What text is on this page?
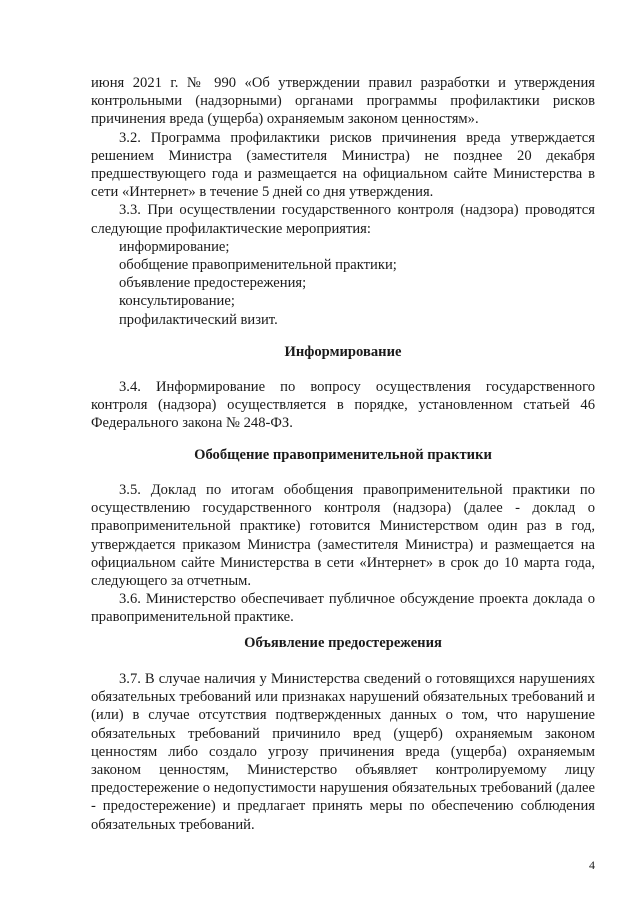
июня 2021 г. № 990 «Об утверждении правил разработки и утверждения контрольными (надзорными) органами программы профилактики рисков причинения вреда (ущерба) охраняемым законом ценностям».

3.2. Программа профилактики рисков причинения вреда утверждается решением Министра (заместителя Министра) не позднее 20 декабря предшествующего года и размещается на официальном сайте Министерства в сети «Интернет» в течение 5 дней со дня утверждения.

3.3. При осуществлении государственного контроля (надзора) проводятся следующие профилактические мероприятия:

информирование;

обобщение правоприменительной практики;

объявление предостережения;

консультирование;

профилактический визит.

Информирование

3.4. Информирование по вопросу осуществления государственного контроля (надзора) осуществляется в порядке, установленном статьей 46 Федерального закона № 248-ФЗ.

Обобщение правоприменительной практики

3.5. Доклад по итогам обобщения правоприменительной практики по осуществлению государственного контроля (надзора) (далее - доклад о правоприменительной практике) готовится Министерством один раз в год, утверждается приказом Министра (заместителя Министра) и размещается на официальном сайте Министерства в сети «Интернет» в срок до 10 марта года, следующего за отчетным.

3.6. Министерство обеспечивает публичное обсуждение проекта доклада о правоприменительной практике.

Объявление предостережения

3.7. В случае наличия у Министерства сведений о готовящихся нарушениях обязательных требований или признаках нарушений обязательных требований и (или) в случае отсутствия подтвержденных данных о том, что нарушение обязательных требований причинило вред (ущерб) охраняемым законом ценностям либо создало угрозу причинения вреда (ущерба) охраняемым законом ценностям, Министерство объявляет контролируемому лицу предостережение о недопустимости нарушения обязательных требований (далее - предостережение) и предлагает принять меры по обеспечению соблюдения обязательных требований.

4
